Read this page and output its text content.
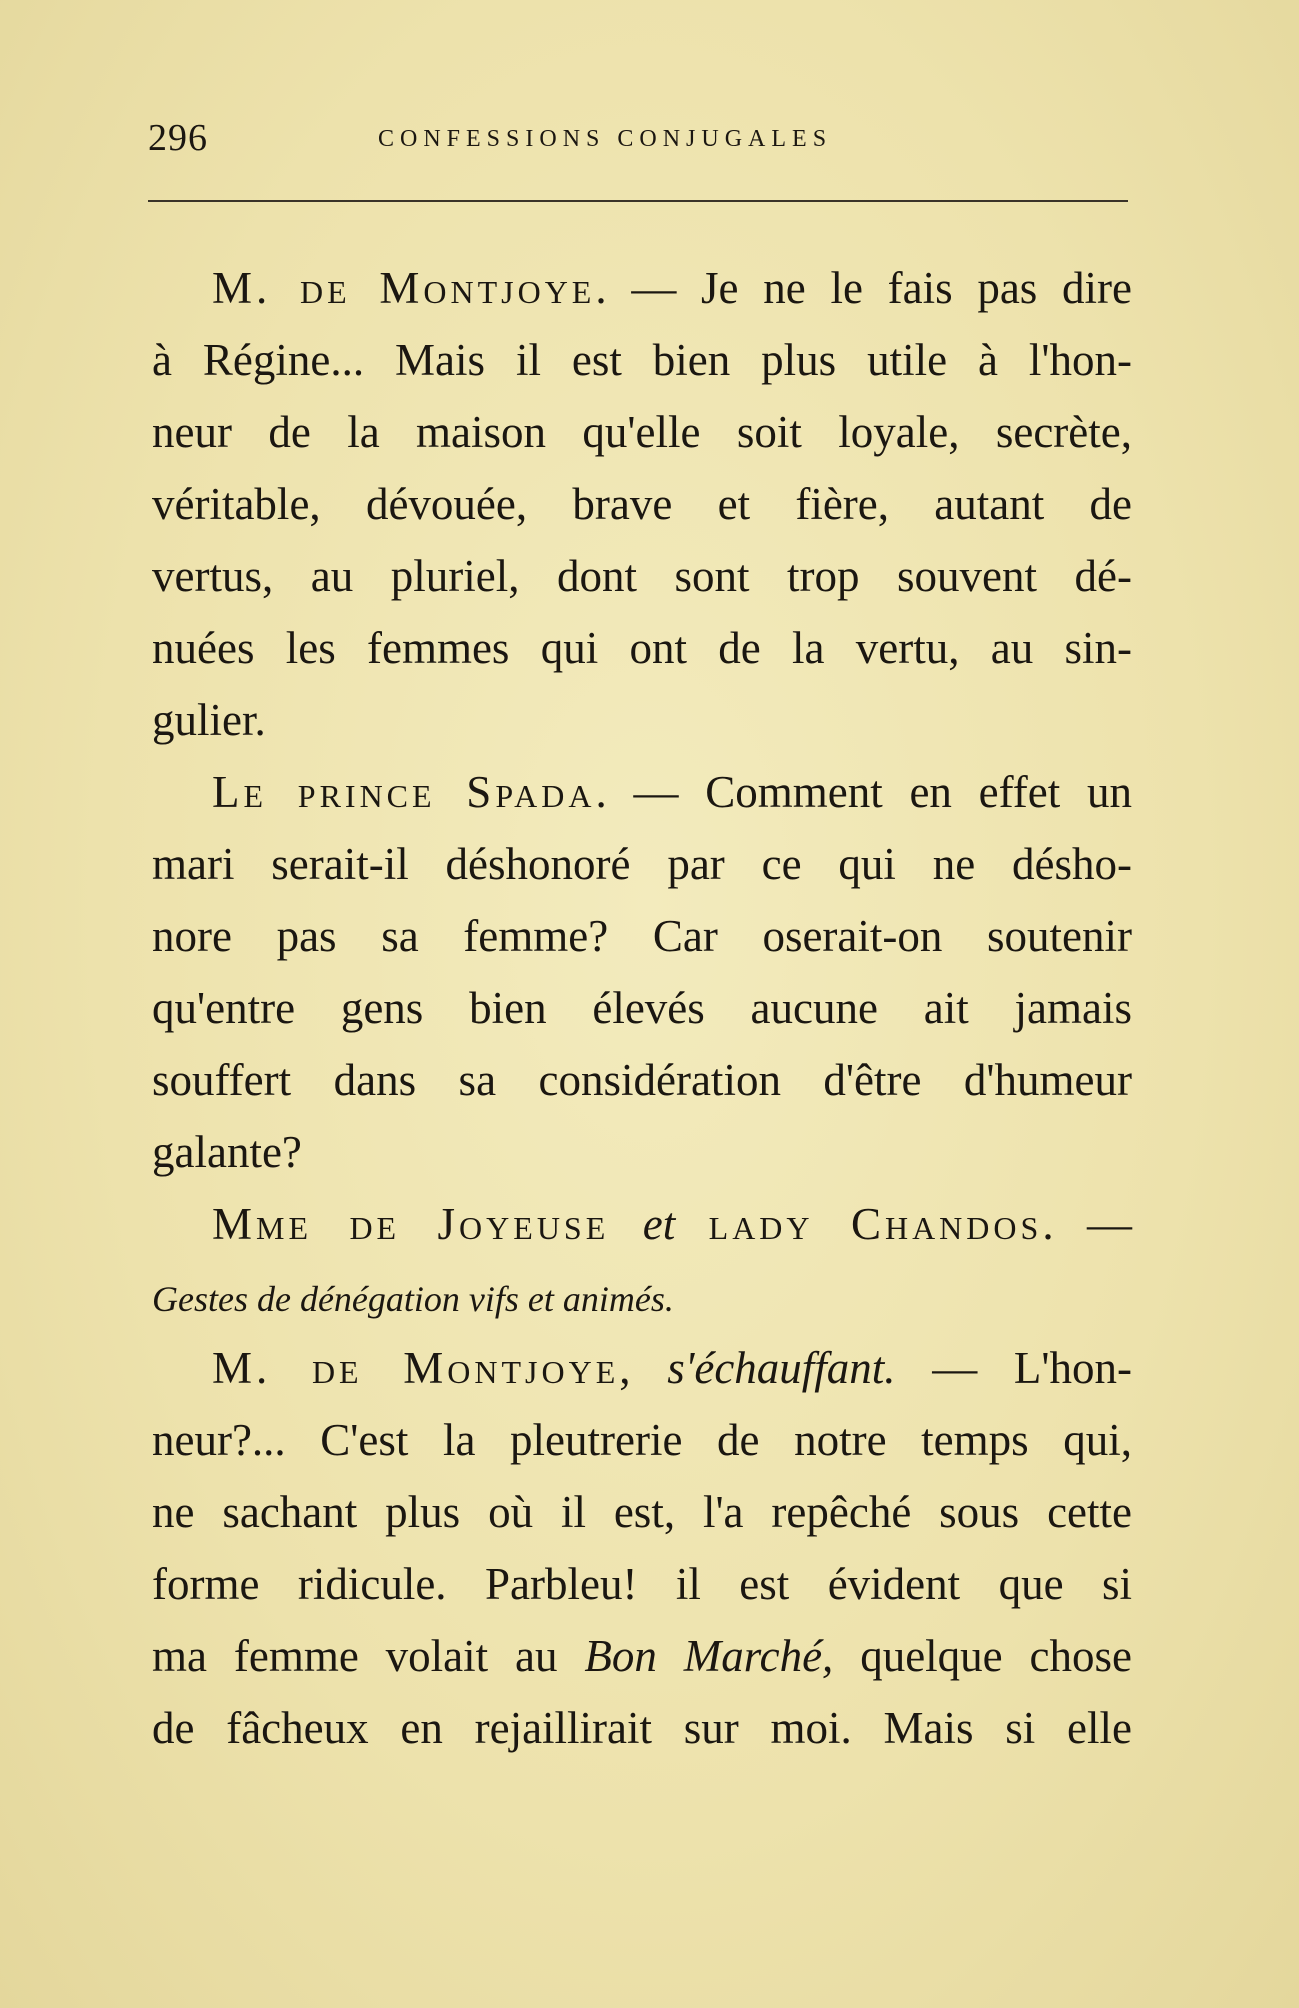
296	CONFESSIONS CONJUGALES
M. de Montjoye. — Je ne le fais pas dire
à Régine... Mais il est bien plus utile à l'hon-
neur de la maison qu'elle soit loyale, secrète,
véritable, dévouée, brave et fière, autant de
vertus, au pluriel, dont sont trop souvent dé-
nuées les femmes qui ont de la vertu, au sin-
gulier.
Le prince Spada. — Comment en effet un
mari serait-il déshonoré par ce qui ne désho-
nore pas sa femme? Car oserait-on soutenir
qu'entre gens bien élevés aucune ait jamais
souffert dans sa considération d'être d'humeur
galante?
Mme de Joyeuse et lady Chandos. —
Gestes de dénégation vifs et animés.
M. de Montjoye, s'échauffant. — L'hon-
neur?... C'est la pleutrerie de notre temps qui,
ne sachant plus où il est, l'a repêché sous cette
forme ridicule. Parbleu! il est évident que si
ma femme volait au Bon Marché, quelque chose
de fâcheux en rejaillirait sur moi. Mais si elle
